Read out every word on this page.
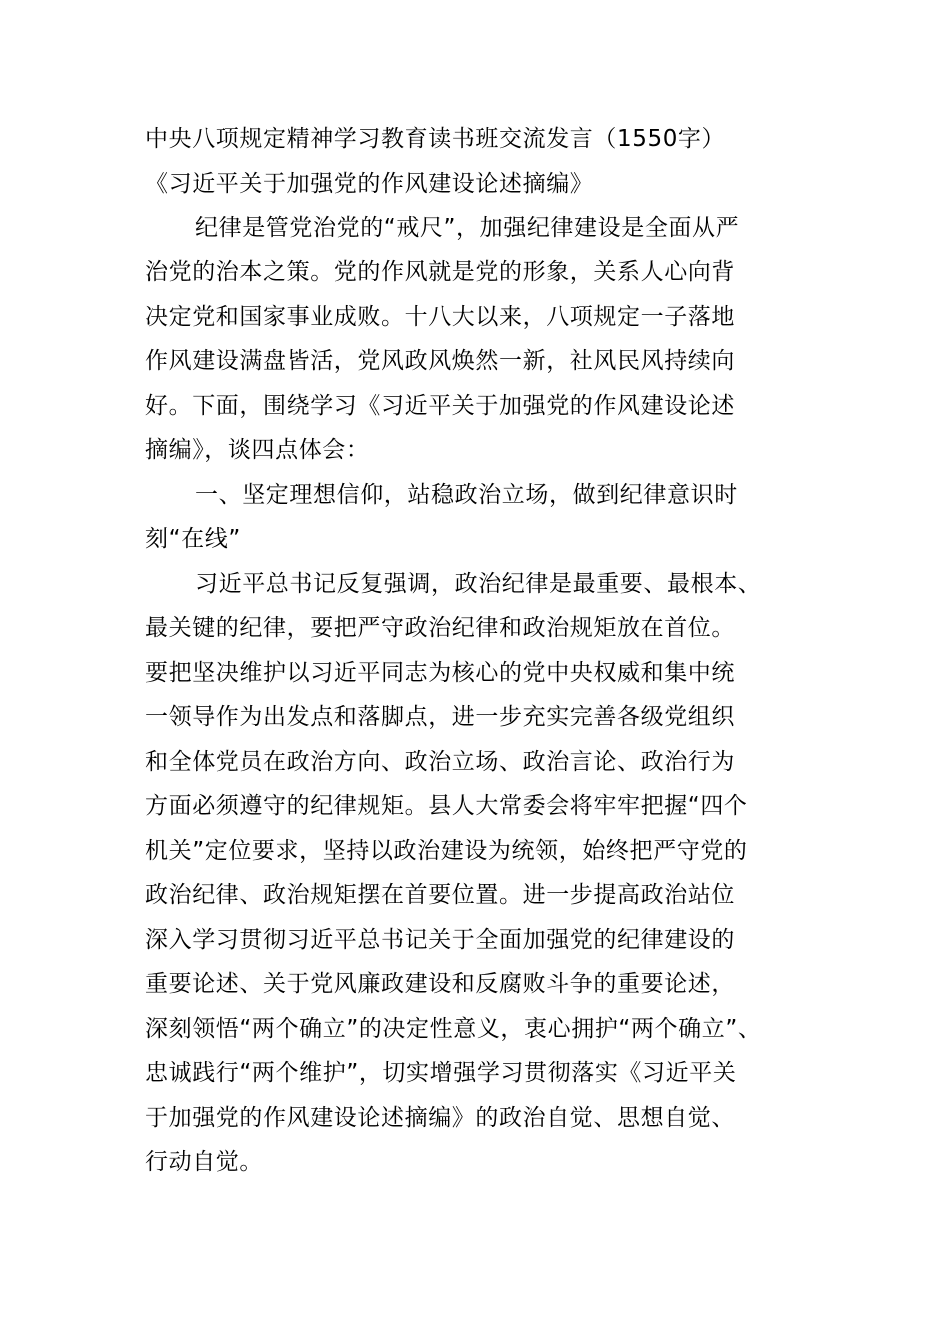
中央八项规定精神学习教育读书班交流发言（1550字）
《习近平关于加强党的作风建设论述摘编》
纪律是管党治党的“戒尺”，加强纪律建设是全面从严
治党的治本之策。党的作风就是党的形象，关系人心向背
决定党和国家事业成败。十八大以来，八项规定一子落地
作风建设满盘皆活，党风政风焕然一新，社风民风持续向
好。下面，围绕学习《习近平关于加强党的作风建设论述
摘编》，谈四点体会：
一、坚定理想信仰，站稳政治立场，做到纪律意识时
刻“在线”
习近平总书记反复强调，政治纪律是最重要、最根本、
最关键的纪律，要把严守政治纪律和政治规矩放在首位。
要把坚决维护以习近平同志为核心的党中央权威和集中统
一领导作为出发点和落脚点，进一步充实完善各级党组织
和全体党员在政治方向、政治立场、政治言论、政治行为
方面必须遵守的纪律规矩。县人大常委会将牢牢把握“四个
机关”定位要求，坚持以政治建设为统领，始终把严守党的
政治纪律、政治规矩摆在首要位置。进一步提高政治站位
深入学习贯彻习近平总书记关于全面加强党的纪律建设的
重要论述、关于党风廉政建设和反腐败斗争的重要论述，
深刻领悟“两个确立”的决定性意义，衷心拥护“两个确立”、
忠诚践行“两个维护”，切实增强学习贯彻落实《习近平关
于加强党的作风建设论述摘编》的政治自觉、思想自觉、
行动自觉。
